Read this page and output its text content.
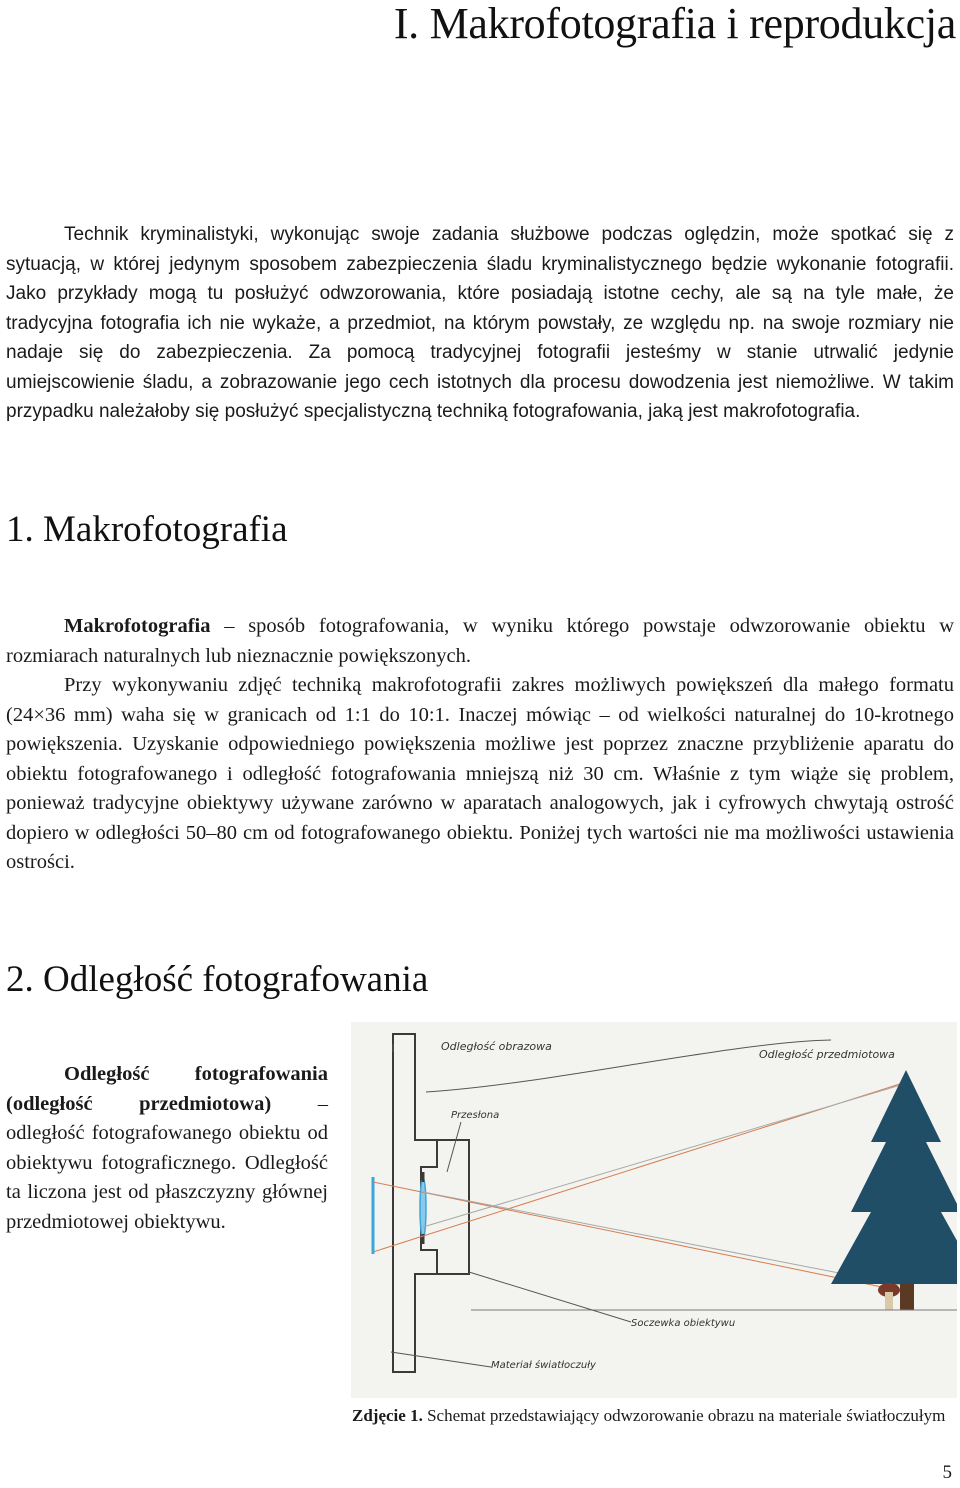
I. Makrofotografia i reprodukcja

Technik kryminalistyki, wykonując swoje zadania służbowe podczas oględzin, może spotkać się z sytuacją, w której jedynym sposobem zabezpieczenia śladu kryminalistycznego będzie wykonanie fotografii. Jako przykłady mogą tu posłużyć odwzorowania, które posiadają istotne cechy, ale są na tyle małe, że tradycyjna fotografia ich nie wykaże, a przedmiot, na którym powstały, ze względu np. na swoje rozmiary nie nadaje się do zabezpieczenia. Za pomocą tradycyjnej fotografii jesteśmy w stanie utrwalić jedynie umiejscowienie śladu, a zobrazowanie jego cech istotnych dla procesu dowodzenia jest niemożliwe. W takim przypadku należałoby się posłużyć specjalistyczną techniką fotografowania, jaką jest makrofotografia.

1. Makrofotografia

Makrofotografia – sposób fotografowania, w wyniku którego powstaje odwzorowanie obiektu w rozmiarach naturalnych lub nieznacznie powiększonych.

Przy wykonywaniu zdjęć techniką makrofotografii zakres możliwych powiększeń dla małego formatu (24×36 mm) waha się w granicach od 1:1 do 10:1. Inaczej mówiąc – od wielkości naturalnej do 10-krotnego powiększenia. Uzyskanie odpowiedniego powiększenia możliwe jest poprzez znaczne przybliżenie aparatu do obiektu fotografowanego i odległość fotografowania mniejszą niż 30 cm. Właśnie z tym wiąże się problem, ponieważ tradycyjne obiektywy używane zarówno w aparatach analogowych, jak i cyfrowych chwytają ostrość dopiero w odległości 50–80 cm od fotografowanego obiektu. Poniżej tych wartości nie ma możliwości ustawienia ostrości.

2. Odległość fotografowania

Odległość fotografowania (odległość przedmiotowa) – odległość fotografowanego obiektu od obiektywu fotograficznego. Odległość ta liczona jest od płaszczyzny głównej przedmiotowej obiektywu.

Odległość obrazowa
Odległość przedmiotowa
Przesłona
Soczewka obiektywu
Materiał światłoczuły

Zdjęcie 1. Schemat przedstawiający odwzorowanie obrazu na materiale światłoczułym

5
